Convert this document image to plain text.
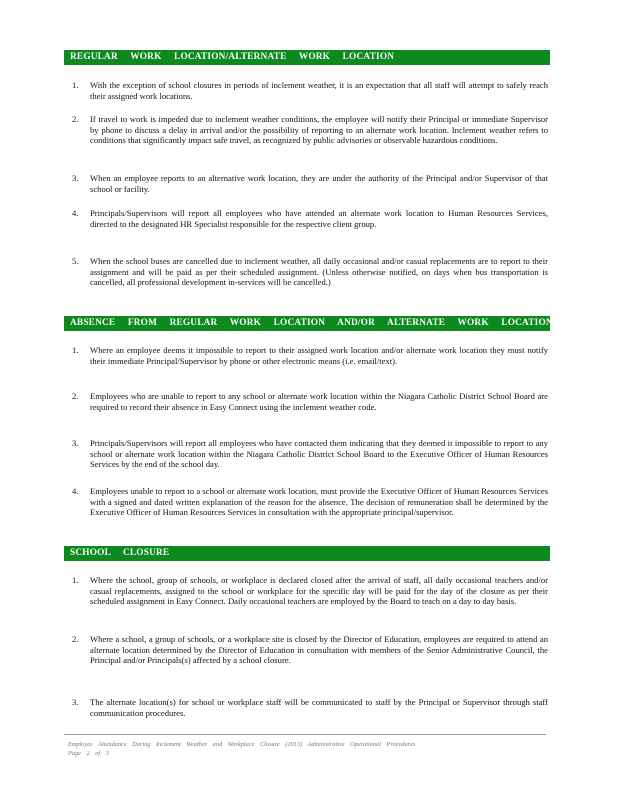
REGULAR WORK LOCATION/ALTERNATE WORK LOCATION
1. With the exception of school closures in periods of inclement weather, it is an expectation that all staff will attempt to safely reach their assigned work locations.
2. If travel to work is impeded due to inclement weather conditions, the employee will notify their Principal or immediate Supervisor by phone to discuss a delay in arrival and/or the possibility of reporting to an alternate work location. Inclement weather refers to conditions that significantly impact safe travel, as recognized by public advisories or observable hazardous conditions.
3. When an employee reports to an alternative work location, they are under the authority of the Principal and/or Supervisor of that school or facility.
4. Principals/Supervisors will report all employees who have attended an alternate work location to Human Resources Services, directed to the designated HR Specialist responsible for the respective client group.
5. When the school buses are cancelled due to inclement weather, all daily occasional and/or casual replacements are to report to their assignment and will be paid as per their scheduled assignment. (Unless otherwise notified, on days when bus transportation is cancelled, all professional development in-services will be cancelled.)
ABSENCE FROM REGULAR WORK LOCATION AND/OR ALTERNATE WORK LOCATION
1. Where an employee deems it impossible to report to their assigned work location and/or alternate work location they must notify their immediate Principal/Supervisor by phone or other electronic means (i.e. email/text).
2. Employees who are unable to report to any school or alternate work location within the Niagara Catholic District School Board are required to record their absence in Easy Connect using the inclement weather code.
3. Principals/Supervisors will report all employees who have contacted them indicating that they deemed it impossible to report to any school or alternate work location within the Niagara Catholic District School Board to the Executive Officer of Human Resources Services by the end of the school day.
4. Employees unable to report to a school or alternate work location, must provide the Executive Officer of Human Resources Services with a signed and dated written explanation of the reason for the absence. The decision of remuneration shall be determined by the Executive Officer of Human Resources Services in consultation with the appropriate principal/supervisor.
SCHOOL CLOSURE
1. Where the school, group of schools, or workplace is declared closed after the arrival of staff, all daily occasional teachers and/or casual replacements, assigned to the school or workplace for the specific day will be paid for the day of the closure as per their scheduled assignment in Easy Connect. Daily occasional teachers are employed by the Board to teach on a day to day basis.
2. Where a school, a group of schools, or a workplace site is closed by the Director of Education, employees are required to attend an alternate location determined by the Director of Education in consultation with members of the Senior Administrative Council, the Principal and/or Principals(s) affected by a school closure.
3. The alternate location(s) for school or workplace staff will be communicated to staff by the Principal or Supervisor through staff communication procedures.
Employee Attendance During Inclement Weather and Workplace Closure (2013) Administrative Operational Procedures
Page 2 of 3
